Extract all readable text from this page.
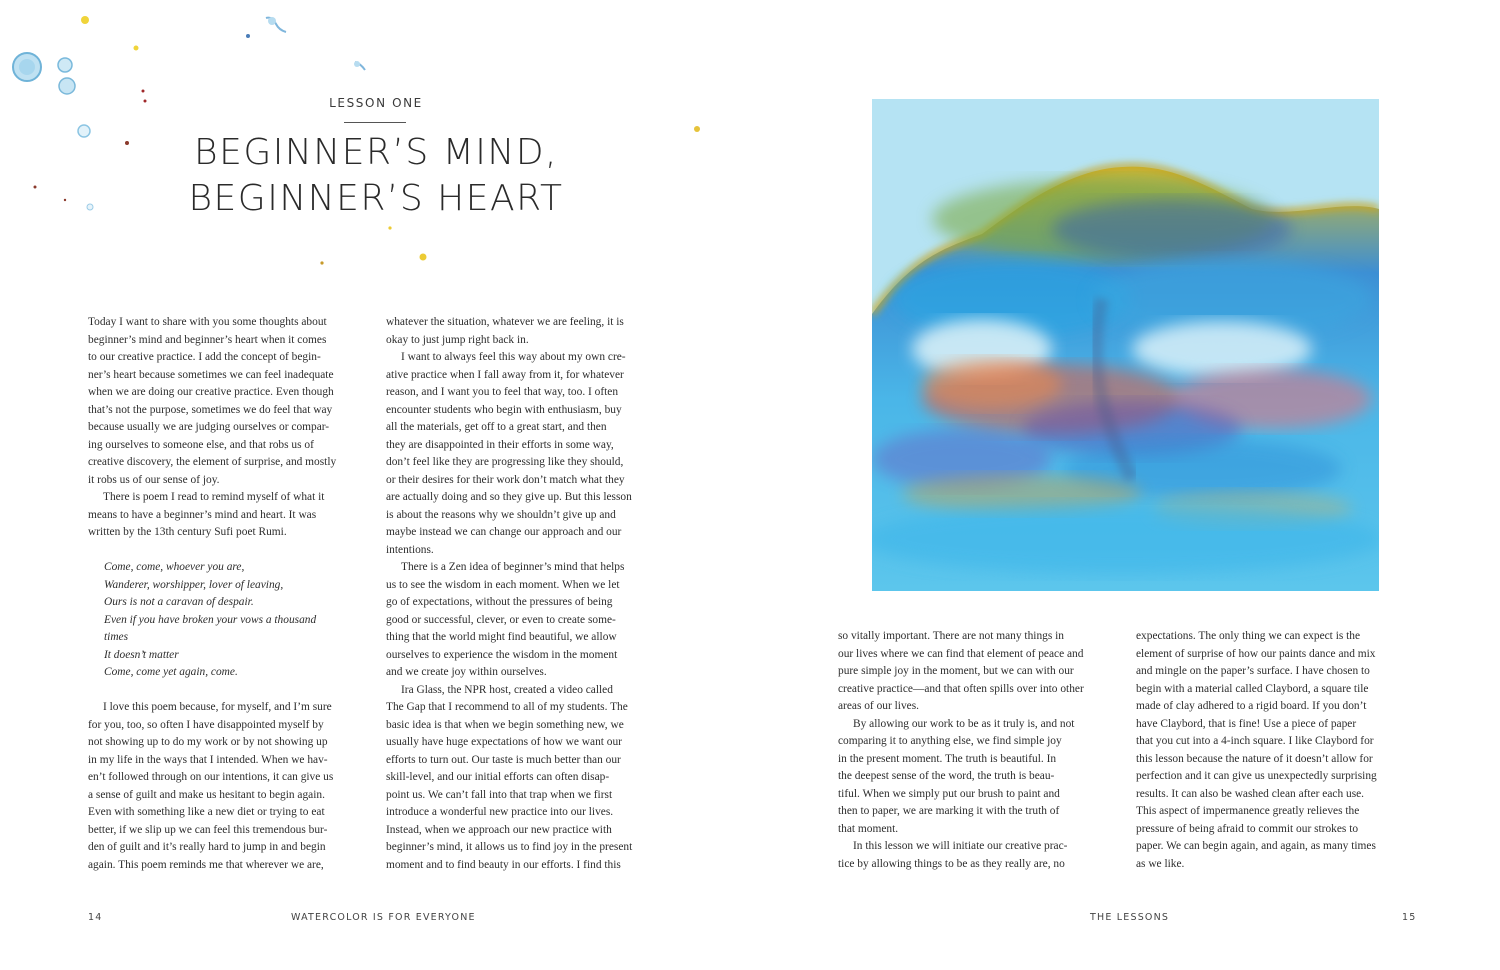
LESSON ONE
BEGINNER’S MIND,
BEGINNER’S HEART

Today I want to share with you some thoughts about

beginner’s mind and beginner’s heart when it comes

to our creative practice. I add the concept of begin-

ner’s heart because sometimes we can feel inadequate

when we are doing our creative practice. Even though

that’s not the purpose, sometimes we do feel that way

because usually we are judging ourselves or compar-

ing ourselves to someone else, and that robs us of

creative discovery, the element of surprise, and mostly

it robs us of our sense of joy.

There is poem I read to remind myself of what it

means to have a beginner’s mind and heart. It was

written by the 13th century Sufi poet Rumi.

Come, come, whoever you are,

Wanderer, worshipper, lover of leaving,

Ours is not a caravan of despair.

Even if you have broken your vows a thousand

times

It doesn’t matter

Come, come yet again, come.

I love this poem because, for myself, and I’m sure

for you, too, so often I have disappointed myself by

not showing up to do my work or by not showing up

in my life in the ways that I intended. When we hav-

en’t followed through on our intentions, it can give us

a sense of guilt and make us hesitant to begin again.

Even with something like a new diet or trying to eat

better, if we slip up we can feel this tremendous bur-

den of guilt and it’s really hard to jump in and begin

again. This poem reminds me that wherever we are,

whatever the situation, whatever we are feeling, it is

okay to just jump right back in.

I want to always feel this way about my own cre-

ative practice when I fall away from it, for whatever

reason, and I want you to feel that way, too. I often

encounter students who begin with enthusiasm, buy

all the materials, get off to a great start, and then

they are disappointed in their efforts in some way,

don’t feel like they are progressing like they should,

or their desires for their work don’t match what they

are actually doing and so they give up. But this lesson

is about the reasons why we shouldn’t give up and

maybe instead we can change our approach and our

intentions.

There is a Zen idea of beginner’s mind that helps

us to see the wisdom in each moment. When we let

go of expectations, without the pressures of being

good or successful, clever, or even to create some-

thing that the world might find beautiful, we allow

ourselves to experience the wisdom in the moment

and we create joy within ourselves.

Ira Glass, the NPR host, created a video called

The Gap that I recommend to all of my students. The

basic idea is that when we begin something new, we

usually have huge expectations of how we want our

efforts to turn out. Our taste is much better than our

skill-level, and our initial efforts can often disap-

point us. We can’t fall into that trap when we first

introduce a wonderful new practice into our lives.

Instead, when we approach our new practice with

beginner’s mind, it allows us to find joy in the present

moment and to find beauty in our efforts. I find this

14	WATERCOLOR IS FOR EVERYONE

so vitally important. There are not many things in

our lives where we can find that element of peace and

pure simple joy in the moment, but we can with our

creative practice—and that often spills over into other

areas of our lives.

By allowing our work to be as it truly is, and not

comparing it to anything else, we find simple joy

in the present moment. The truth is beautiful. In

the deepest sense of the word, the truth is beau-

tiful. When we simply put our brush to paint and

then to paper, we are marking it with the truth of

that moment.

In this lesson we will initiate our creative prac-

tice by allowing things to be as they really are, no

expectations. The only thing we can expect is the

element of surprise of how our paints dance and mix

and mingle on the paper’s surface. I have chosen to

begin with a material called Claybord, a square tile

made of clay adhered to a rigid board. If you don’t

have Claybord, that is fine! Use a piece of paper

that you cut into a 4-inch square. I like Claybord for

this lesson because the nature of it doesn’t allow for

perfection and it can give us unexpectedly surprising

results. It can also be washed clean after each use.

This aspect of impermanence greatly relieves the

pressure of being afraid to commit our strokes to

paper. We can begin again, and again, as many times

as we like.

THE LESSONS	15
